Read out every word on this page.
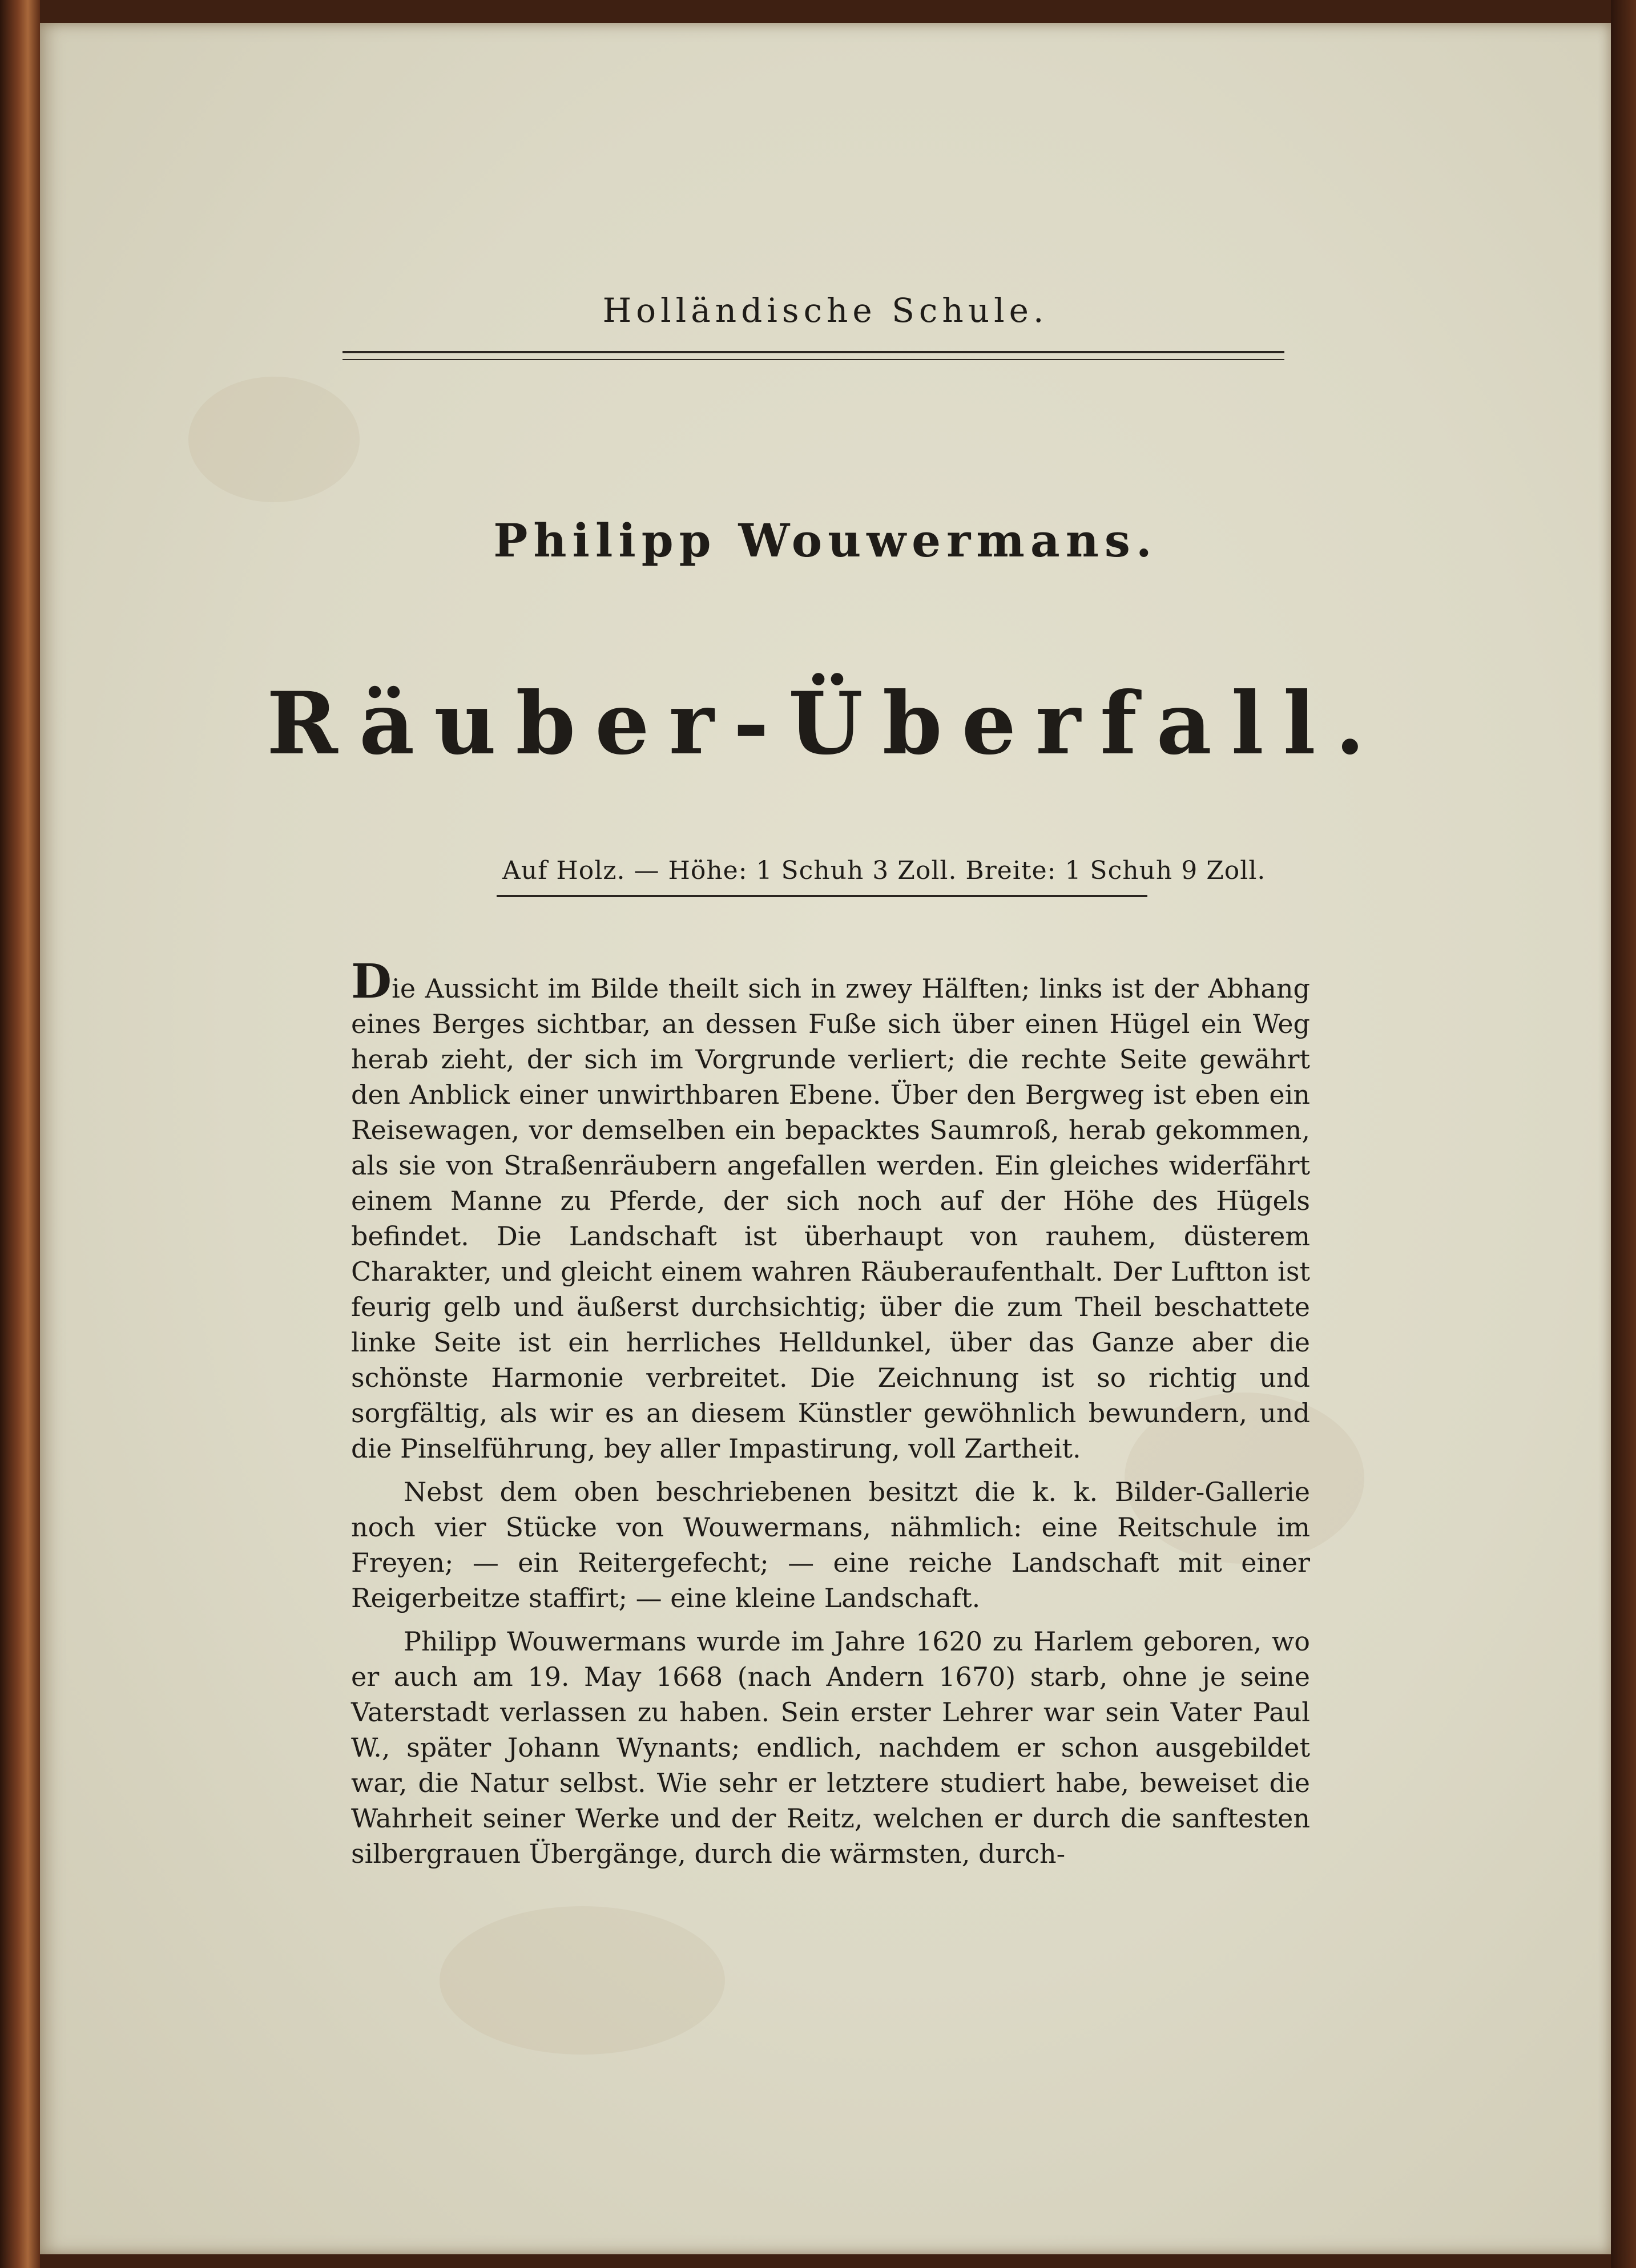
Holländische Schule.
Philipp Wouwermans.
Räuber-Überfall.
Auf Holz. — Höhe: 1 Schuh 3 Zoll. Breite: 1 Schuh 9 Zoll.

Die Aussicht im Bilde theilt sich in zwey Hälften; links ist der Abhang eines Berges sichtbar, an dessen Fuße sich über einen Hügel ein Weg herab zieht, der sich im Vorgrunde verliert; die rechte Seite gewährt den Anblick einer unwirthbaren Ebene. Über den Bergweg ist eben ein Reisewagen, vor demselben ein bepacktes Saumroß, herab gekommen, als sie von Straßenräubern angefallen werden. Ein gleiches widerfährt einem Manne zu Pferde, der sich noch auf der Höhe des Hügels befindet. Die Landschaft ist überhaupt von rauhem, düsterem Charakter, und gleicht einem wahren Räuberaufenthalt. Der Luftton ist feurig gelb und äußerst durchsichtig; über die zum Theil beschattete linke Seite ist ein herrliches Helldunkel, über das Ganze aber die schönste Harmonie verbreitet. Die Zeichnung ist so richtig und sorgfältig, als wir es an diesem Künstler gewöhnlich bewundern, und die Pinselführung, bey aller Impastirung, voll Zartheit.

Nebst dem oben beschriebenen besitzt die k. k. Bilder-Gallerie noch vier Stücke von Wouwermans, nähmlich: eine Reitschule im Freyen; — ein Reitergefecht; — eine reiche Landschaft mit einer Reigerbeitze staffirt; — eine kleine Landschaft.

Philipp Wouwermans wurde im Jahre 1620 zu Harlem geboren, wo er auch am 19. May 1668 (nach Andern 1670) starb, ohne je seine Vaterstadt verlassen zu haben. Sein erster Lehrer war sein Vater Paul W., später Johann Wynants; endlich, nachdem er schon ausgebildet war, die Natur selbst. Wie sehr er letztere studiert habe, beweiset die Wahrheit seiner Werke und der Reitz, welchen er durch die sanftesten silbergrauen Übergänge, durch die wärmsten, durch-
